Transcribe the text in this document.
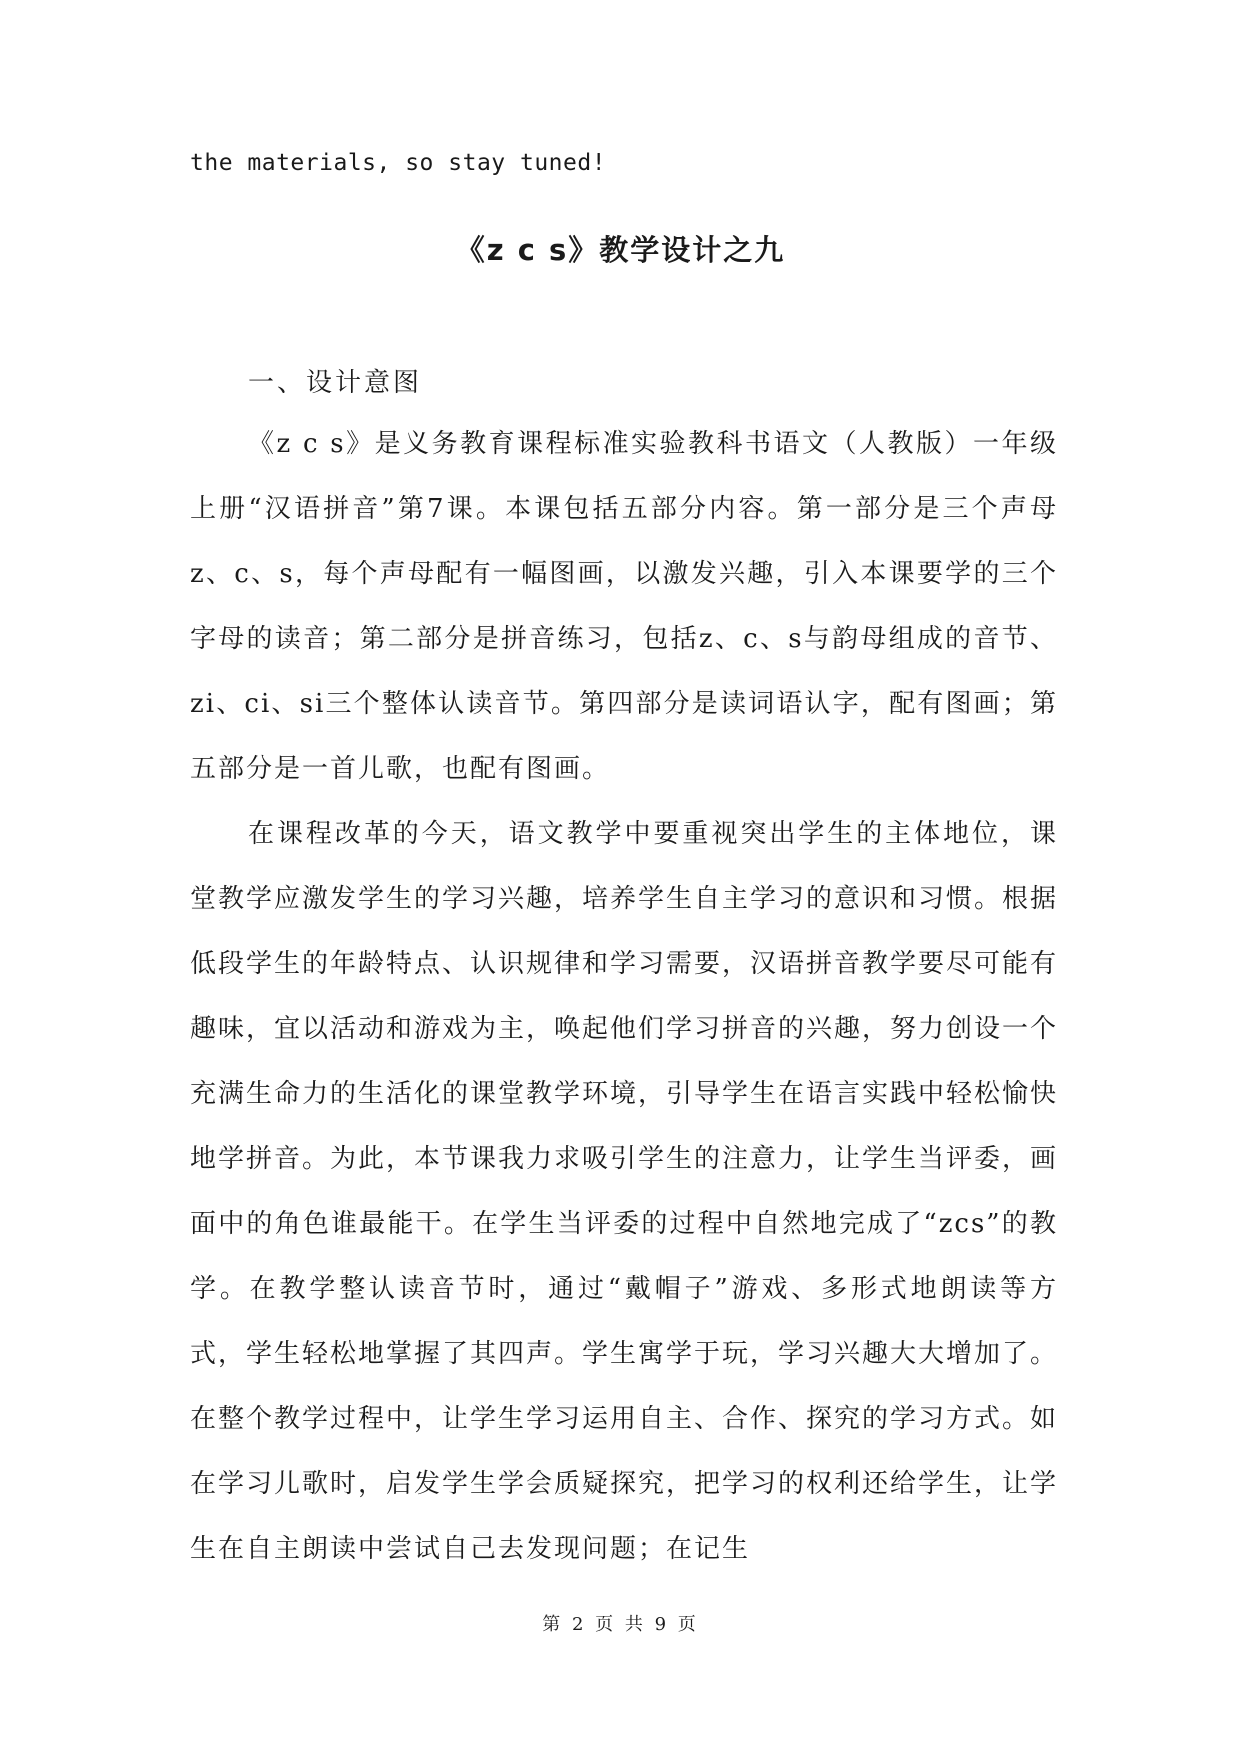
the materials, so stay tuned!
《z c s》教学设计之九
一、设计意图

《z c s》是义务教育课程标准实验教科书语文（人教版）一年级上册“汉语拼音”第7课。本课包括五部分内容。第一部分是三个声母z、c、s，每个声母配有一幅图画，以激发兴趣，引入本课要学的三个字母的读音；第二部分是拼音练习，包括z、c、s与韵母组成的音节、zi、ci、si三个整体认读音节。第四部分是读词语认字，配有图画；第五部分是一首儿歌，也配有图画。

在课程改革的今天，语文教学中要重视突出学生的主体地位，课堂教学应激发学生的学习兴趣，培养学生自主学习的意识和习惯。根据低段学生的年龄特点、认识规律和学习需要，汉语拼音教学要尽可能有趣味，宜以活动和游戏为主，唤起他们学习拼音的兴趣，努力创设一个充满生命力的生活化的课堂教学环境，引导学生在语言实践中轻松愉快地学拼音。为此，本节课我力求吸引学生的注意力，让学生当评委，画面中的角色谁最能干。在学生当评委的过程中自然地完成了“zcs”的教学。在教学整认读音节时，通过“戴帽子”游戏、多形式地朗读等方式，学生轻松地掌握了其四声。学生寓学于玩，学习兴趣大大增加了。在整个教学过程中，让学生学习运用自主、合作、探究的学习方式。如在学习儿歌时，启发学生学会质疑探究，把学习的权利还给学生，让学生在自主朗读中尝试自己去发现问题；在记生

第 2 页 共 9 页
